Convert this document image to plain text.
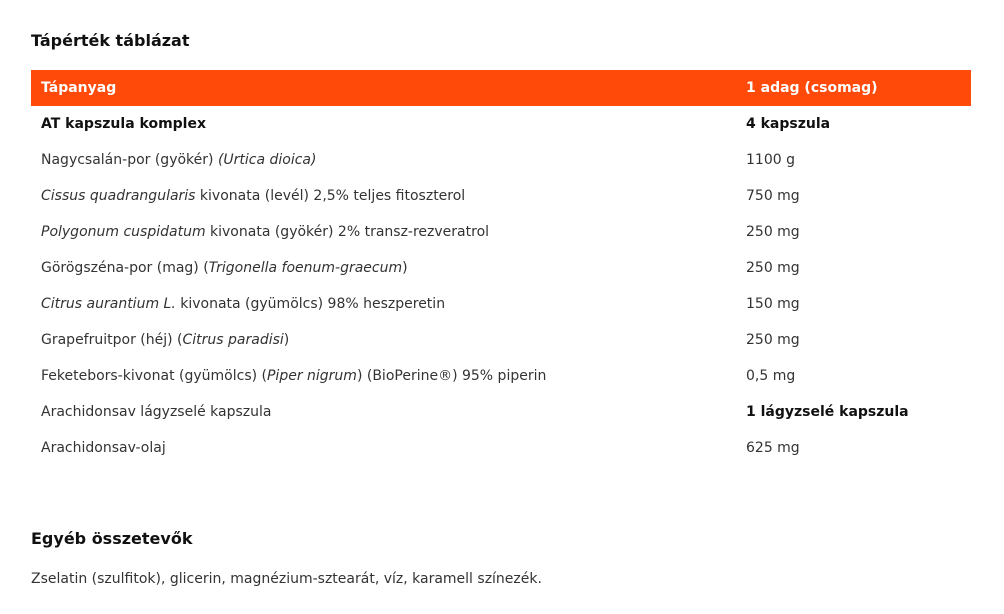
Tápérték táblázat
Tápanyag	1 adag (csomag)
AT kapszula komplex	4 kapszula
Nagycsalán-por (gyökér) (Urtica dioica)	1100 g
Cissus quadrangularis kivonata (levél) 2,5% teljes fitoszterol	750 mg
Polygonum cuspidatum kivonata (gyökér) 2% transz-rezveratrol	250 mg
Görögszéna-por (mag) (Trigonella foenum-graecum)	250 mg
Citrus aurantium L. kivonata (gyümölcs) 98% heszperetin	150 mg
Grapefruitpor (héj) (Citrus paradisi)	250 mg
Feketebors-kivonat (gyümölcs) (Piper nigrum) (BioPerine®) 95% piperin	0,5 mg
Arachidonsav lágyzselé kapszula	1 lágyzselé kapszula
Arachidonsav-olaj	625 mg
Egyéb összetevők

Zselatin (szulfitok), glicerin, magnézium-sztearát, víz, karamell színezék.
